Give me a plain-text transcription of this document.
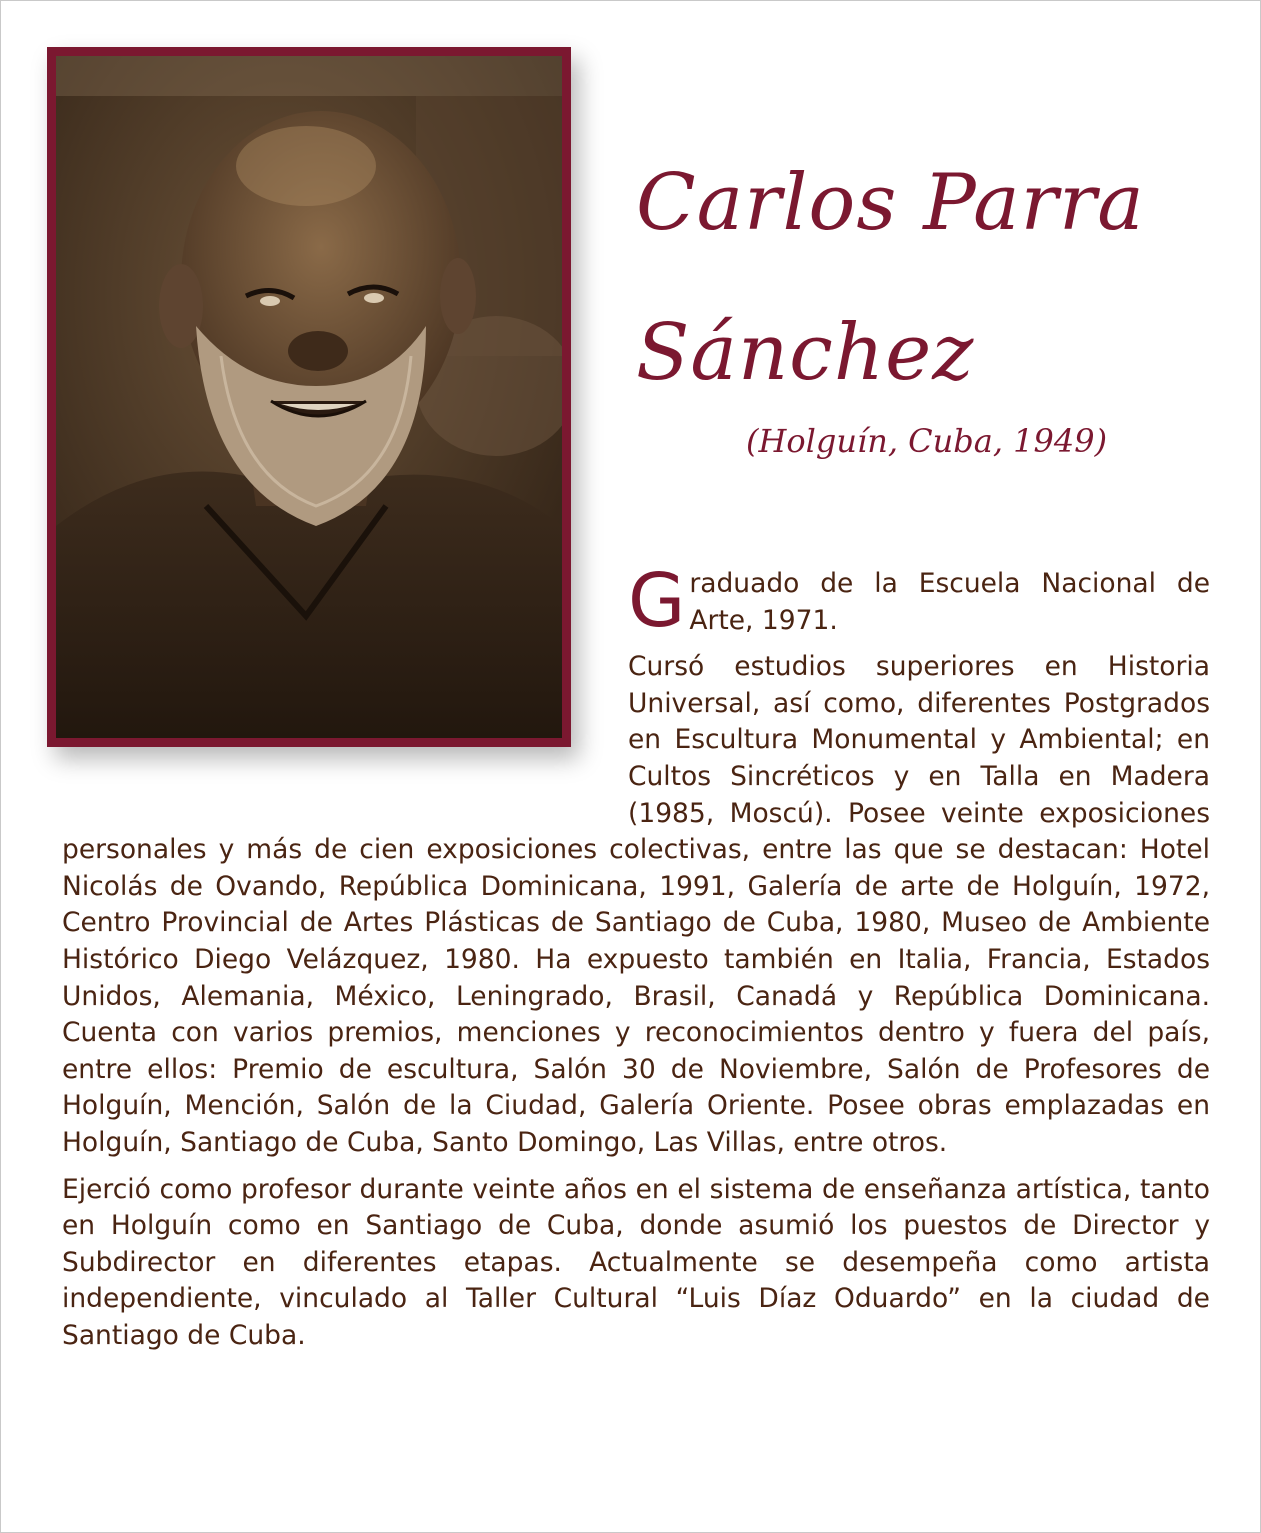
Carlos Parra
Sánchez

(Holguín, Cuba, 1949)

Graduado de la Escuela Nacional de Arte, 1971.

Cursó estudios superiores en Historia Universal, así como, diferentes Postgrados en Escultura Monumental y Ambiental; en Cultos Sincréticos y en Talla en Madera (1985, Moscú). Posee veinte exposiciones personales y más de cien exposiciones colectivas, entre las que se destacan: Hotel Nicolás de Ovando, República Dominicana, 1991, Galería de arte de Holguín, 1972, Centro Provincial de Artes Plásticas de Santiago de Cuba, 1980, Museo de Ambiente Histórico Diego Velázquez, 1980. Ha expuesto también en Italia, Francia, Estados Unidos, Alemania, México, Leningrado, Brasil, Canadá y República Dominicana. Cuenta con varios premios, menciones y reconocimientos dentro y fuera del país, entre ellos: Premio de escultura, Salón 30 de Noviembre, Salón de Profesores de Holguín, Mención, Salón de la Ciudad, Galería Oriente. Posee obras emplazadas en Holguín, Santiago de Cuba, Santo Domingo, Las Villas, entre otros.

Ejerció como profesor durante veinte años en el sistema de enseñanza artística, tanto en Holguín como en Santiago de Cuba, donde asumió los puestos de Director y Subdirector en diferentes etapas. Actualmente se desempeña como artista independiente, vinculado al Taller Cultural “Luis Díaz Oduardo” en la ciudad de Santiago de Cuba.
